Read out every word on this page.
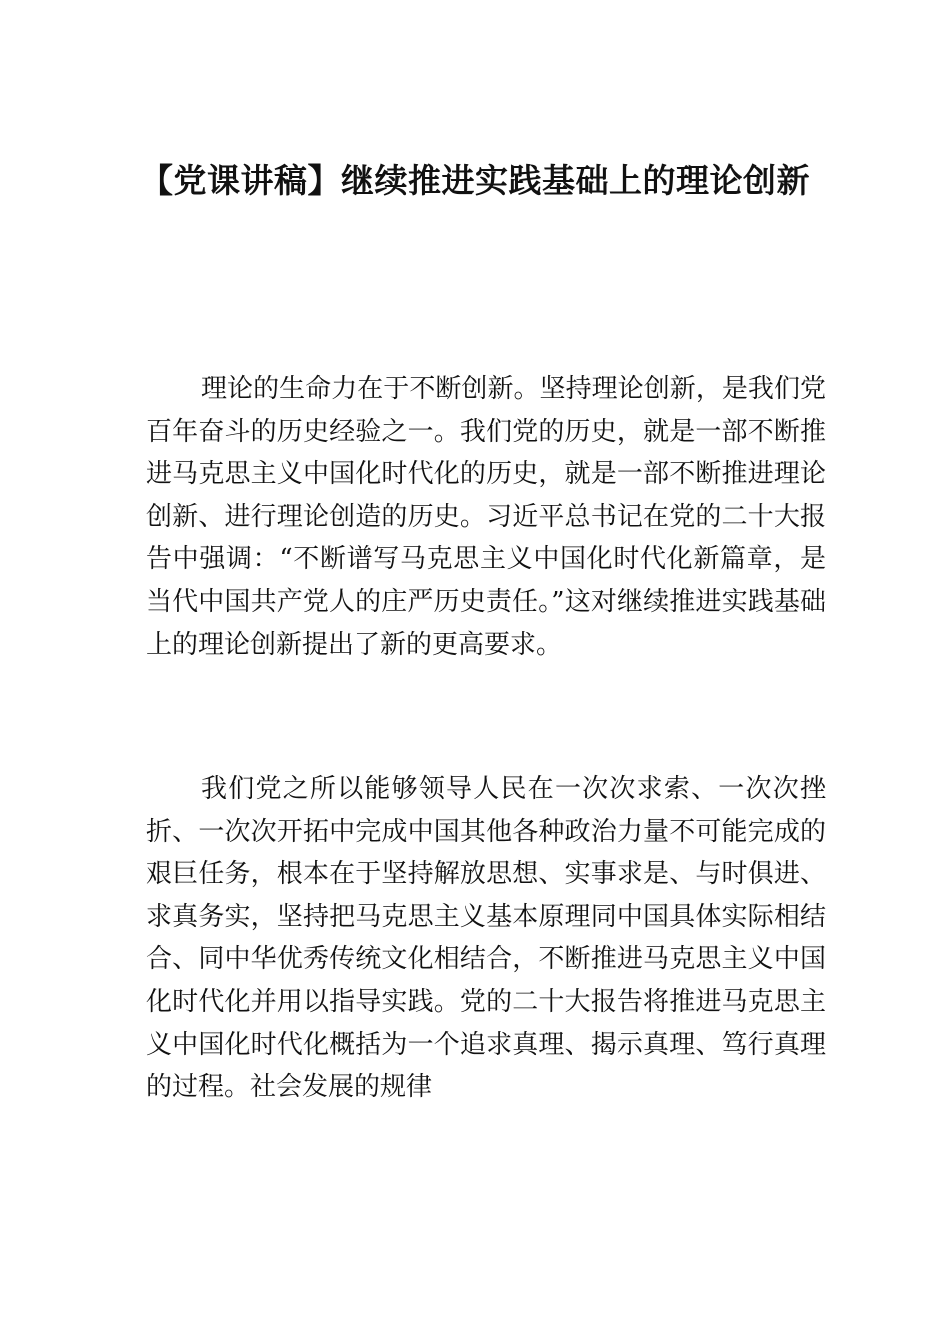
【党课讲稿】继续推进实践基础上的理论创新

理论的生命力在于不断创新。坚持理论创新，是我们党百年奋斗的历史经验之一。我们党的历史，就是一部不断推进马克思主义中国化时代化的历史，就是一部不断推进理论创新、进行理论创造的历史。习近平总书记在党的二十大报告中强调：“不断谱写马克思主义中国化时代化新篇章，是当代中国共产党人的庄严历史责任。”这对继续推进实践基础上的理论创新提出了新的更高要求。

我们党之所以能够领导人民在一次次求索、一次次挫折、一次次开拓中完成中国其他各种政治力量不可能完成的艰巨任务，根本在于坚持解放思想、实事求是、与时俱进、求真务实，坚持把马克思主义基本原理同中国具体实际相结合、同中华优秀传统文化相结合，不断推进马克思主义中国化时代化并用以指导实践。党的二十大报告将推进马克思主义中国化时代化概括为一个追求真理、揭示真理、笃行真理的过程。社会发展的规律
